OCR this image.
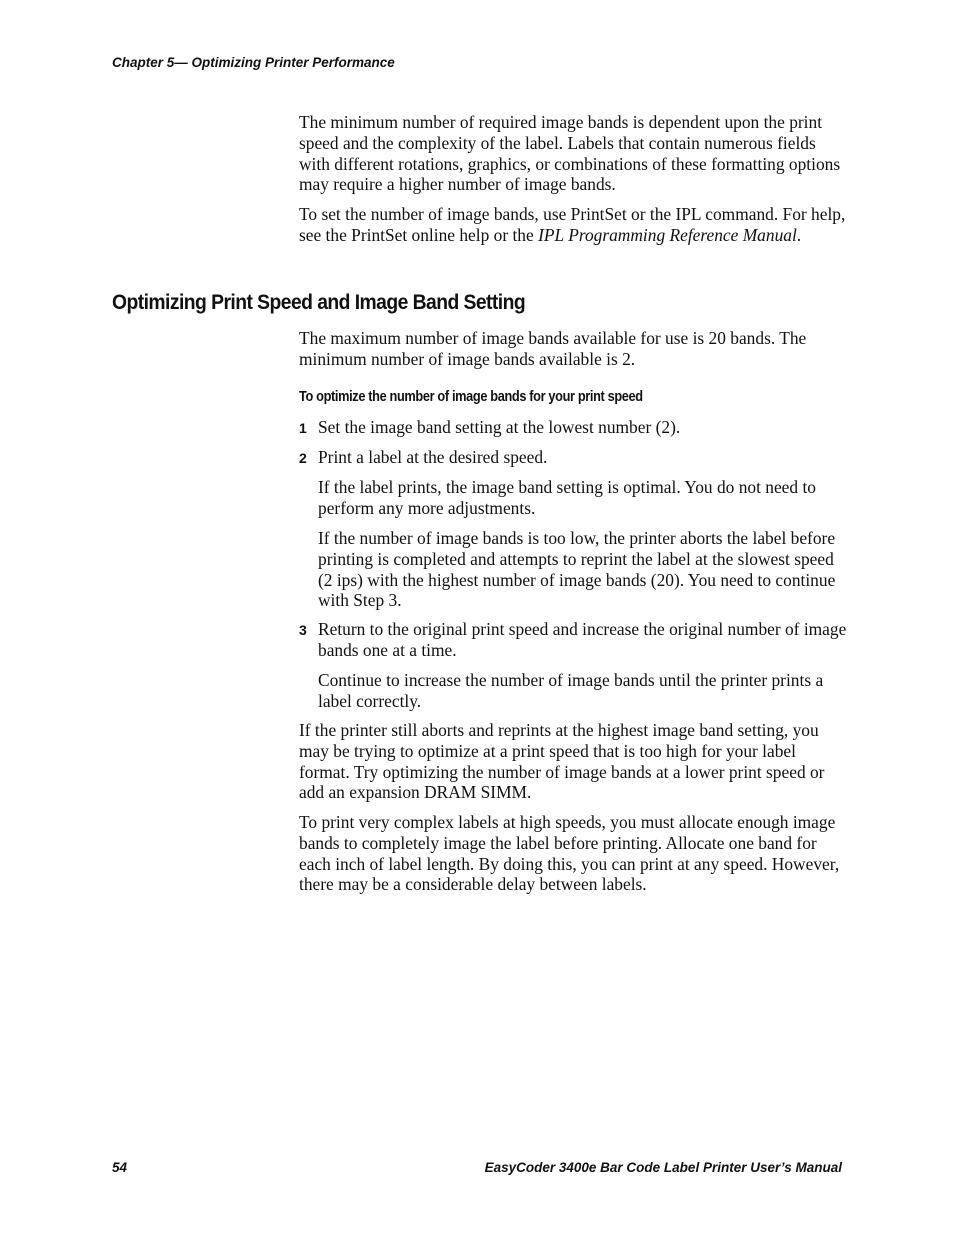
Chapter 5— Optimizing Printer Performance

The minimum number of required image bands is dependent upon the print speed and the complexity of the label. Labels that contain numerous fields with different rotations, graphics, or combinations of these formatting options may require a higher number of image bands.

To set the number of image bands, use PrintSet or the IPL command. For help, see the PrintSet online help or the IPL Programming Reference Manual.

Optimizing Print Speed and Image Band Setting

The maximum number of image bands available for use is 20 bands. The minimum number of image bands available is 2.

To optimize the number of image bands for your print speed
1 Set the image band setting at the lowest number (2).
2 Print a label at the desired speed.

If the label prints, the image band setting is optimal. You do not need to perform any more adjustments.

If the number of image bands is too low, the printer aborts the label before printing is completed and attempts to reprint the label at the slowest speed (2 ips) with the highest number of image bands (20). You need to continue with Step 3.

3 Return to the original print speed and increase the original number of image bands one at a time.

Continue to increase the number of image bands until the printer prints a label correctly.

If the printer still aborts and reprints at the highest image band setting, you may be trying to optimize at a print speed that is too high for your label format. Try optimizing the number of image bands at a lower print speed or add an expansion DRAM SIMM.

To print very complex labels at high speeds, you must allocate enough image bands to completely image the label before printing. Allocate one band for each inch of label length. By doing this, you can print at any speed. However, there may be a considerable delay between labels.

54	EasyCoder 3400e Bar Code Label Printer User’s Manual
